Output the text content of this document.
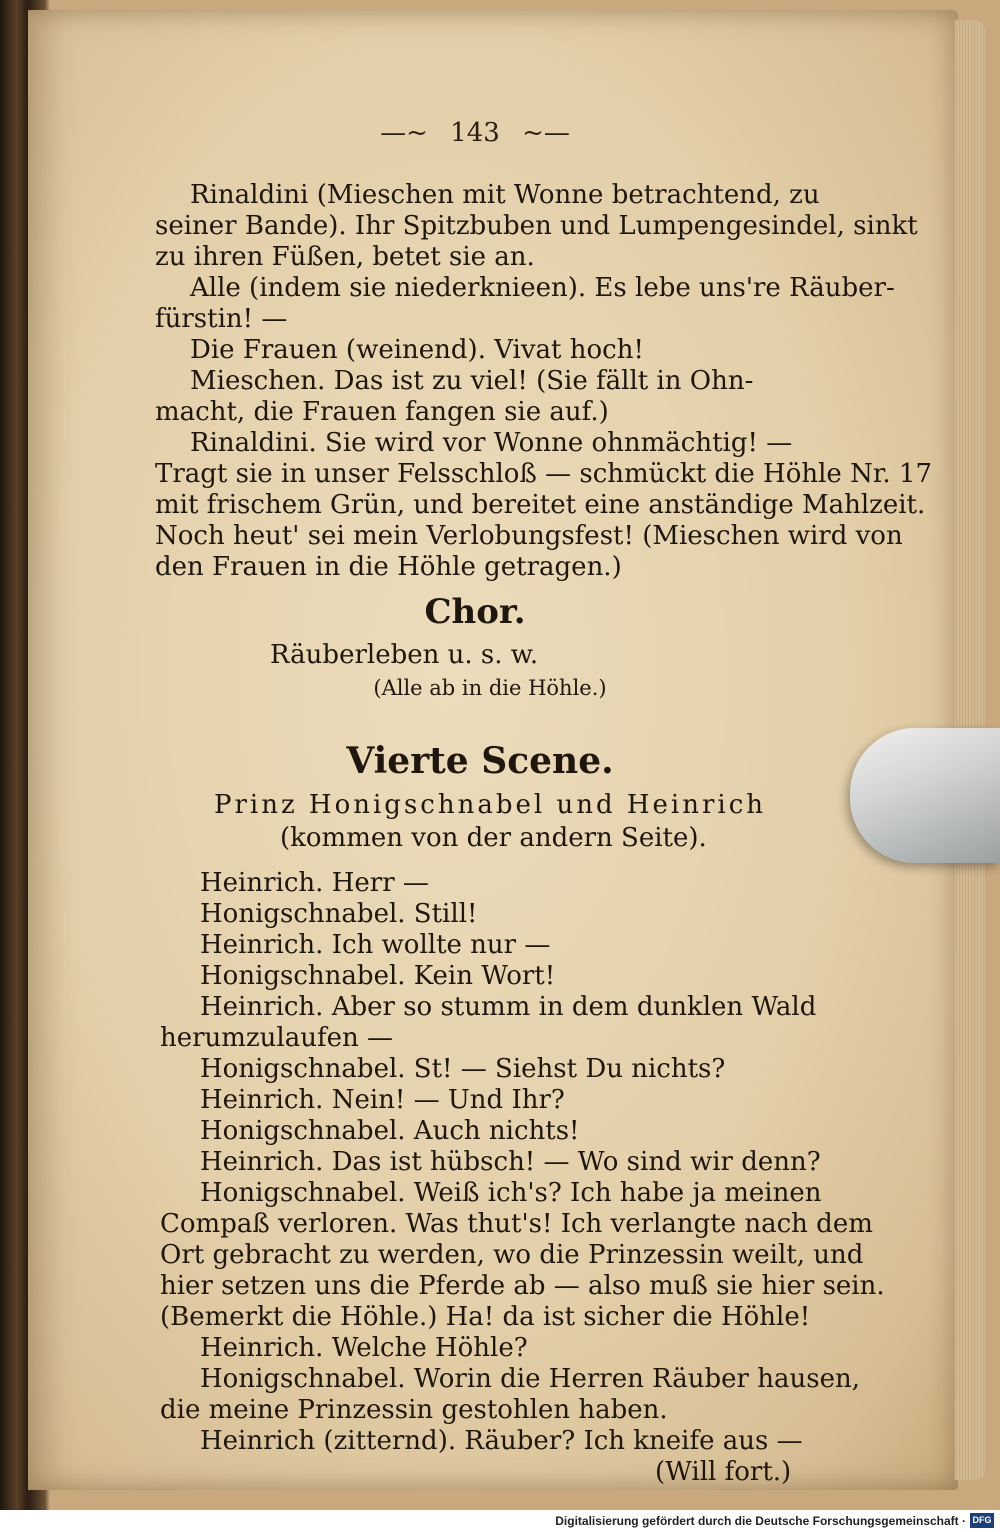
—~ 143 ~—
Rinaldini (Mieschen mit Wonne betrachtend, zu
seiner Bande). Ihr Spitzbuben und Lumpengesindel, sinkt
zu ihren Füßen, betet sie an.
Alle (indem sie niederknieen). Es lebe uns're Räuber-
fürstin! —
Die Frauen (weinend). Vivat hoch!
Mieschen. Das ist zu viel! (Sie fällt in Ohn-
macht, die Frauen fangen sie auf.)
Rinaldini. Sie wird vor Wonne ohnmächtig! —
Tragt sie in unser Felsschloß — schmückt die Höhle Nr. 17
mit frischem Grün, und bereitet eine anständige Mahlzeit.
Noch heut' sei mein Verlobungsfest! (Mieschen wird von
den Frauen in die Höhle getragen.)
Chor.
Räuberleben u. s. w.
(Alle ab in die Höhle.)
Vierte Scene.
Prinz Honigschnabel und Heinrich
(kommen von der andern Seite).
Heinrich. Herr —
Honigschnabel. Still!
Heinrich. Ich wollte nur —
Honigschnabel. Kein Wort!
Heinrich. Aber so stumm in dem dunklen Wald
herumzulaufen —
Honigschnabel. St! — Siehst Du nichts?
Heinrich. Nein! — Und Ihr?
Honigschnabel. Auch nichts!
Heinrich. Das ist hübsch! — Wo sind wir denn?
Honigschnabel. Weiß ich's? Ich habe ja meinen
Compaß verloren. Was thut's! Ich verlangte nach dem
Ort gebracht zu werden, wo die Prinzessin weilt, und
hier setzen uns die Pferde ab — also muß sie hier sein.
(Bemerkt die Höhle.) Ha! da ist sicher die Höhle!
Heinrich. Welche Höhle?
Honigschnabel. Worin die Herren Räuber hausen,
die meine Prinzessin gestohlen haben.
Heinrich (zitternd). Räuber? Ich kneife aus —
(Will fort.)
Digitalisierung gefördert durch die Deutsche Forschungsgemeinschaft · DFG
